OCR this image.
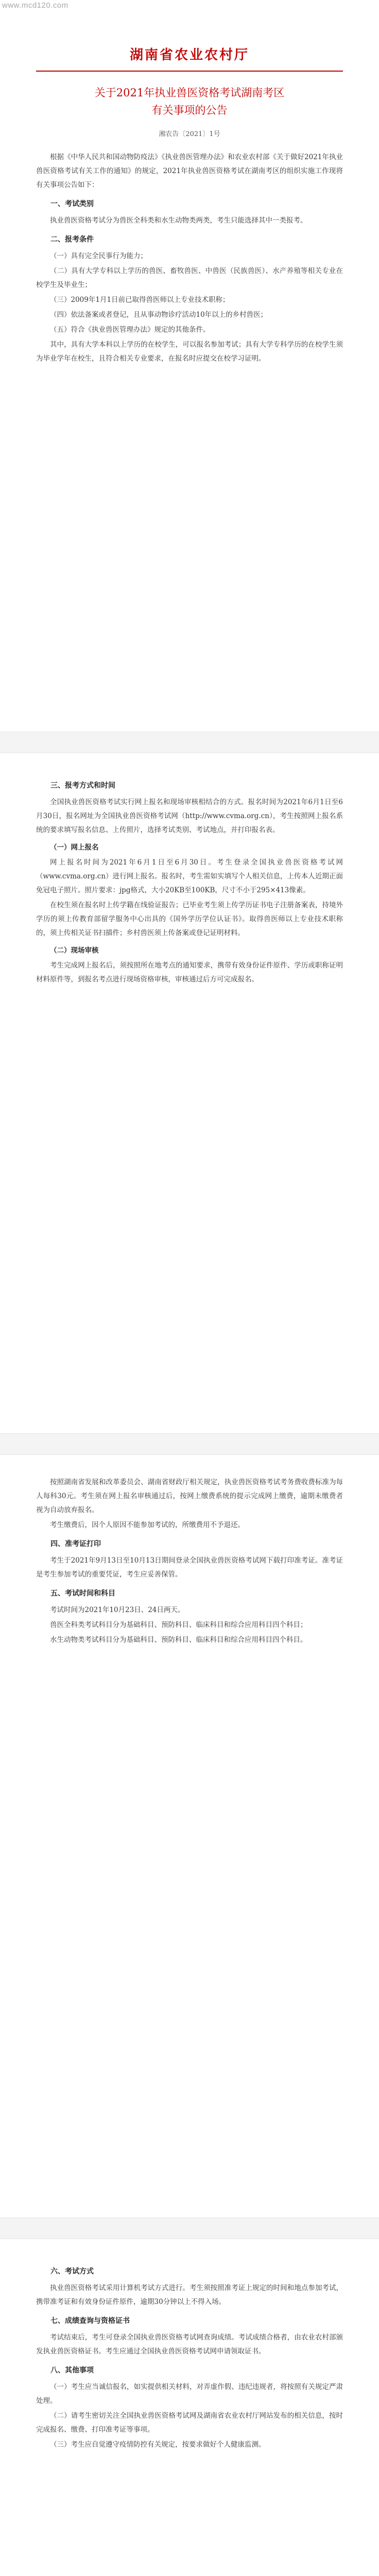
www.mcd120.com
湖南省农业农村厅
关于2021年执业兽医资格考试湖南考区
有关事项的公告
湘农告〔2021〕1号

根据《中华人民共和国动物防疫法》《执业兽医管理办法》和农业农村部《关于做好2021年执业兽医资格考试有关工作的通知》的规定，2021年执业兽医资格考试在湖南考区的组织实施工作现将有关事项公告如下：

一、考试类别

执业兽医资格考试分为兽医全科类和水生动物类两类，考生只能选择其中一类报考。

二、报考条件

（一）具有完全民事行为能力；

（二）具有大学专科以上学历的兽医、畜牧兽医、中兽医（民族兽医）、水产养殖等相关专业在校学生及毕业生；

（三）2009年1月1日前已取得兽医师以上专业技术职称；

（四）依法备案或者登记，且从事动物诊疗活动10年以上的乡村兽医；

（五）符合《执业兽医管理办法》规定的其他条件。

其中，具有大学本科以上学历的在校学生，可以报名参加考试；具有大学专科学历的在校学生须为毕业学年在校生，且符合相关专业要求，在报名时应提交在校学习证明。

三、报考方式和时间

全国执业兽医资格考试实行网上报名和现场审核相结合的方式。报名时间为2021年6月1日至6月30日，报名网址为全国执业兽医资格考试网（http://www.cvma.org.cn），考生按照网上报名系统的要求填写报名信息、上传照片，选择考试类别、考试地点，并打印报名表。

（一）网上报名

网上报名时间为2021年6月1日至6月30日。考生登录全国执业兽医资格考试网（www.cvma.org.cn）进行网上报名。报名时，考生需如实填写个人相关信息，上传本人近期正面免冠电子照片。照片要求：jpg格式，大小20KB至100KB，尺寸不小于295×413像素。

在校生须在报名时上传学籍在线验证报告；已毕业考生须上传学历证书电子注册备案表，持境外学历的须上传教育部留学服务中心出具的《国外学历学位认证书》。取得兽医师以上专业技术职称的，须上传相关证书扫描件；乡村兽医须上传备案或登记证明材料。

（二）现场审核

考生完成网上报名后，须按照所在地考点的通知要求，携带有效身份证件原件、学历或职称证明材料原件等，到报名考点进行现场资格审核，审核通过后方可完成报名。

按照湖南省发展和改革委员会、湖南省财政厅相关规定，执业兽医资格考试考务费收费标准为每人每科30元。考生须在网上报名审核通过后，按网上缴费系统的提示完成网上缴费，逾期未缴费者视为自动放弃报名。

考生缴费后，因个人原因不能参加考试的，所缴费用不予退还。

四、准考证打印

考生于2021年9月13日至10月13日期间登录全国执业兽医资格考试网下载打印准考证。准考证是考生参加考试的重要凭证，考生应妥善保管。

五、考试时间和科目

考试时间为2021年10月23日、24日两天。

兽医全科类考试科目分为基础科目、预防科目、临床科目和综合应用科目四个科目；

水生动物类考试科目分为基础科目、预防科目、临床科目和综合应用科目四个科目。

六、考试方式

执业兽医资格考试采用计算机考试方式进行。考生须按照准考证上规定的时间和地点参加考试，携带准考证和有效身份证件原件，逾期30分钟以上不得入场。

七、成绩查询与资格证书

考试结束后，考生可登录全国执业兽医资格考试网查询成绩。考试成绩合格者，由农业农村部颁发执业兽医资格证书。考生应通过全国执业兽医资格考试网申请领取证书。

八、其他事项

（一）考生应当诚信报名，如实提供相关材料，对弄虚作假、违纪违规者，将按照有关规定严肃处理。

（二）请考生密切关注全国执业兽医资格考试网及湖南省农业农村厅网站发布的相关信息，按时完成报名、缴费、打印准考证等事项。

（三）考生应自觉遵守疫情防控有关规定，按要求做好个人健康监测。
